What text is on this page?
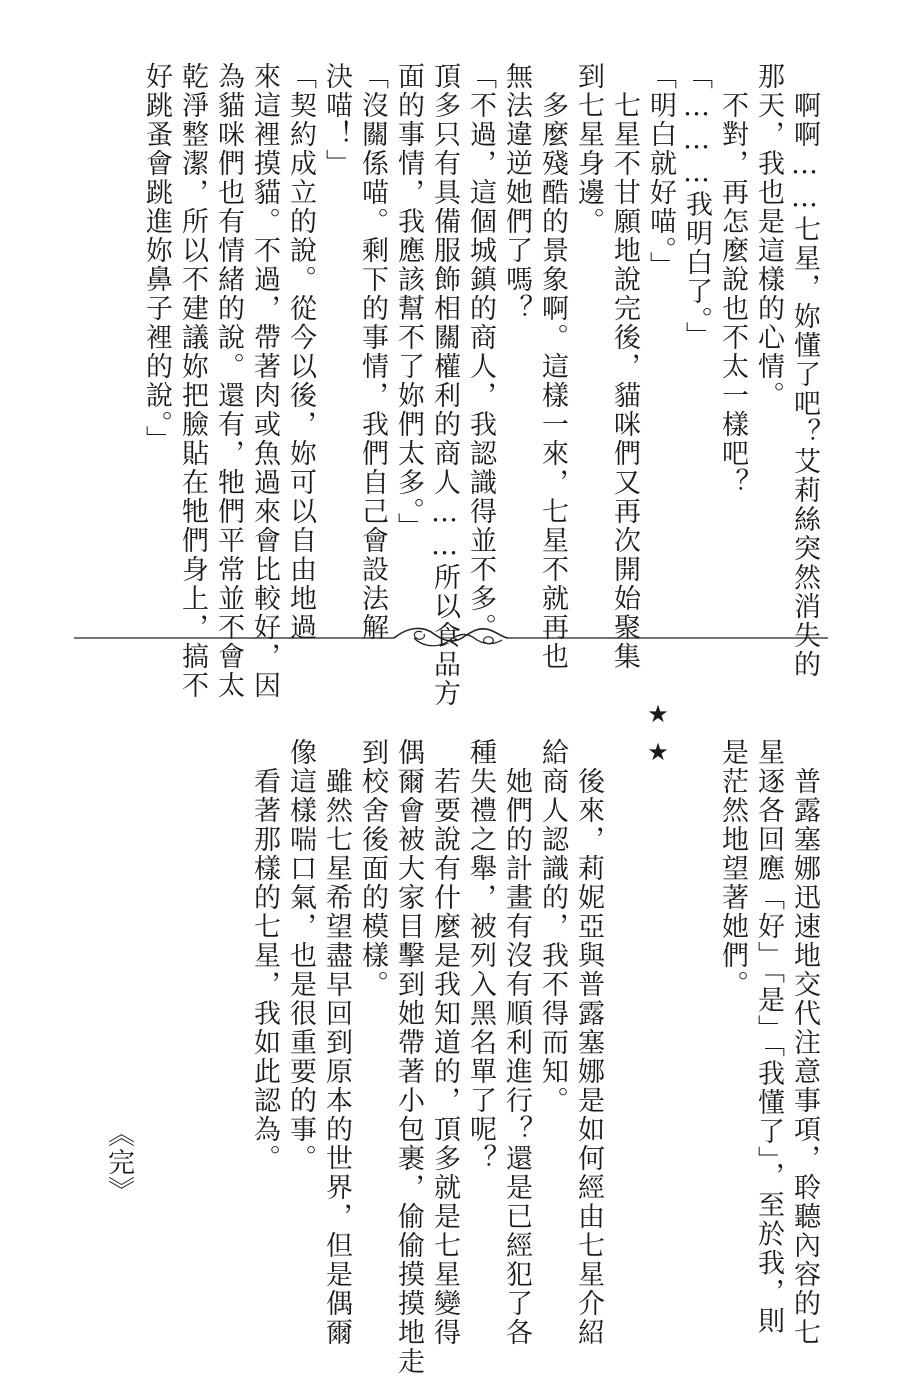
　啊啊……七星，妳懂了吧？艾莉絲突然消失的
那天，我也是這樣的心情。
　不對，再怎麼說也不太一樣吧？
「………我明白了。」
「明白就好喵。」
　七星不甘願地說完後，貓咪們又再次開始聚集
到七星身邊。
　多麼殘酷的景象啊。這樣一來，七星不就再也
無法違逆她們了嗎？
「不過，這個城鎮的商人，我認識得並不多。
頂多只有具備服飾相關權利的商人……所以食品方
面的事情，我應該幫不了妳們太多。」
「沒關係喵。剩下的事情，我們自己會設法解
決喵！」
「契約成立的說。從今以後，妳可以自由地過
來這裡摸貓。不過，帶著肉或魚過來會比較好，因
為貓咪們也有情緒的說。還有，牠們平常並不會太
乾淨整潔，所以不建議妳把臉貼在牠們身上，搞不
好跳蚤會跳進妳鼻子裡的說。」
　普露塞娜迅速地交代注意事項，聆聽內容的七
星逐各回應「好」「是」「我懂了」，至於我，則
是茫然地望著她們。
★★
　後來，莉妮亞與普露塞娜是如何經由七星介紹
給商人認識的，我不得而知。
　她們的計畫有沒有順利進行？還是已經犯了各
種失禮之舉，被列入黑名單了呢？
　若要說有什麼是我知道的，頂多就是七星變得
偶爾會被大家目擊到她帶著小包裹，偷偷摸摸地走
到校舍後面的模樣。
　雖然七星希望盡早回到原本的世界，但是偶爾
像這樣喘口氣，也是很重要的事。
　看著那樣的七星，我如此認為。
《完》
